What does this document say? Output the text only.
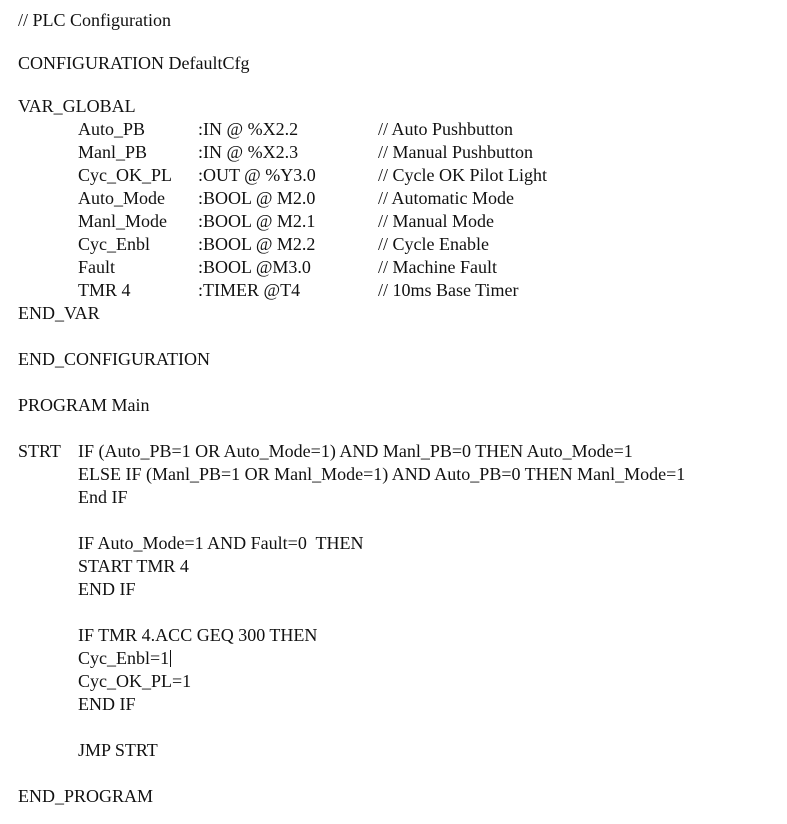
// PLC Configuration
CONFIGURATION DefaultCfg
VAR_GLOBAL
Auto_PB	:IN @ %X2.2	// Auto Pushbutton
Manl_PB	:IN @ %X2.3	// Manual Pushbutton
Cyc_OK_PL :OUT @ %Y3.0	// Cycle OK Pilot Light
Auto_Mode :BOOL @ M2.0	// Automatic Mode
Manl_Mode :BOOL @ M2.1	// Manual Mode
Cyc_Enbl	:BOOL @ M2.2	// Cycle Enable
Fault	:BOOL @M3.0	// Machine Fault
TMR 4	:TIMER @T4	// 10ms Base Timer
END_VAR
END_CONFIGURATION
PROGRAM Main
STRT IF (Auto_PB=1 OR Auto_Mode=1) AND Manl_PB=0 THEN Auto_Mode=1
ELSE IF (Manl_PB=1 OR Manl_Mode=1) AND Auto_PB=0 THEN Manl_Mode=1
End IF
IF Auto_Mode=1 AND Fault=0  THEN
START TMR 4
END IF
IF TMR 4.ACC GEQ 300 THEN
Cyc_Enbl=1
Cyc_OK_PL=1
END IF
JMP STRT
END_PROGRAM
